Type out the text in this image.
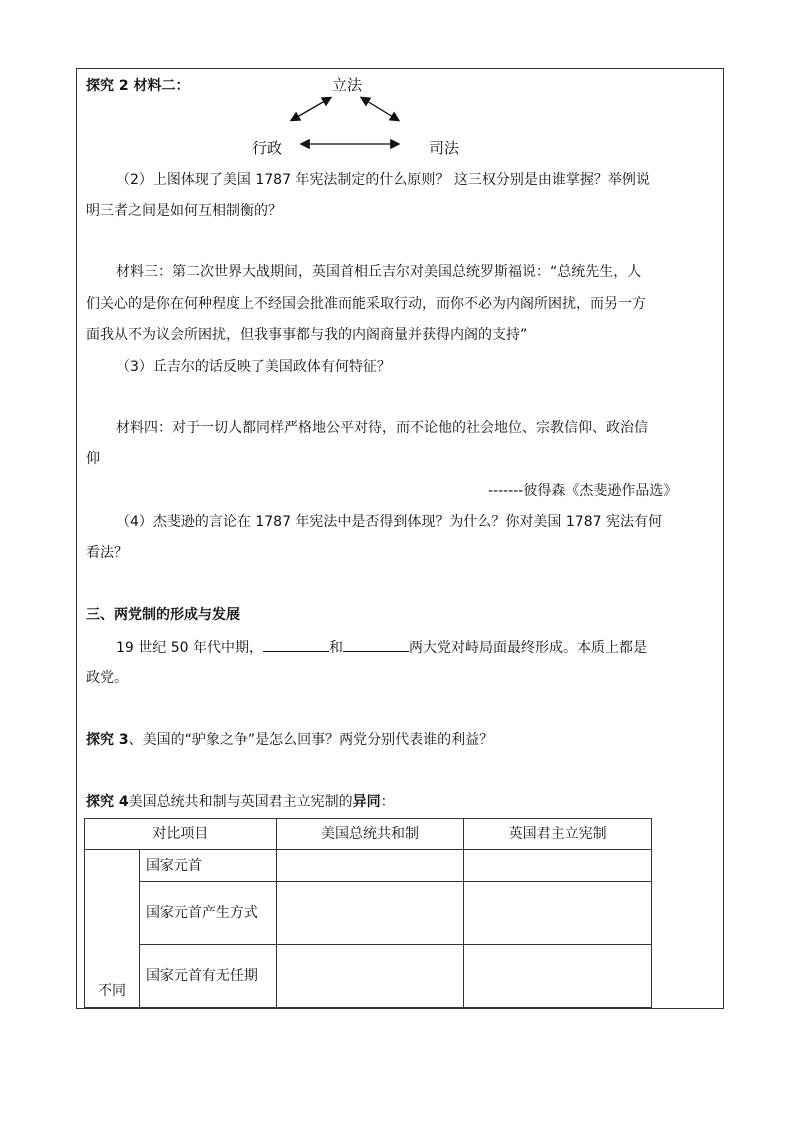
探究 2 材料二：	立法
行政	司法
（2）上图体现了美国 1787 年宪法制定的什么原则？ 这三权分别是由谁掌握？举例说
明三者之间是如何互相制衡的？
材料三：第二次世界大战期间，英国首相丘吉尔对美国总统罗斯福说：“总统先生，人
们关心的是你在何种程度上不经国会批准而能采取行动，而你不必为内阁所困扰，而另一方
面我从不为议会所困扰，但我事事都与我的内阁商量并获得内阁的支持”
（3）丘吉尔的话反映了美国政体有何特征？
材料四：对于一切人都同样严格地公平对待，而不论他的社会地位、宗教信仰、政治信
仰
-------彼得森《杰斐逊作品选》
（4）杰斐逊的言论在 1787 年宪法中是否得到体现？为什么？你对美国 1787 宪法有何
看法？
三、两党制的形成与发展
19 世纪 50 年代中期，	和	两大党对峙局面最终形成。本质上都是
政党。
探究 3、美国的“驴象之争”是怎么回事？两党分别代表谁的利益？
探究 4美国总统共和制与英国君主立宪制的异同：
对比项目		美国总统共和制	英国君主立宪制
不同	国家元首		
	国家元首产生方式		
	国家元首有无任期		
